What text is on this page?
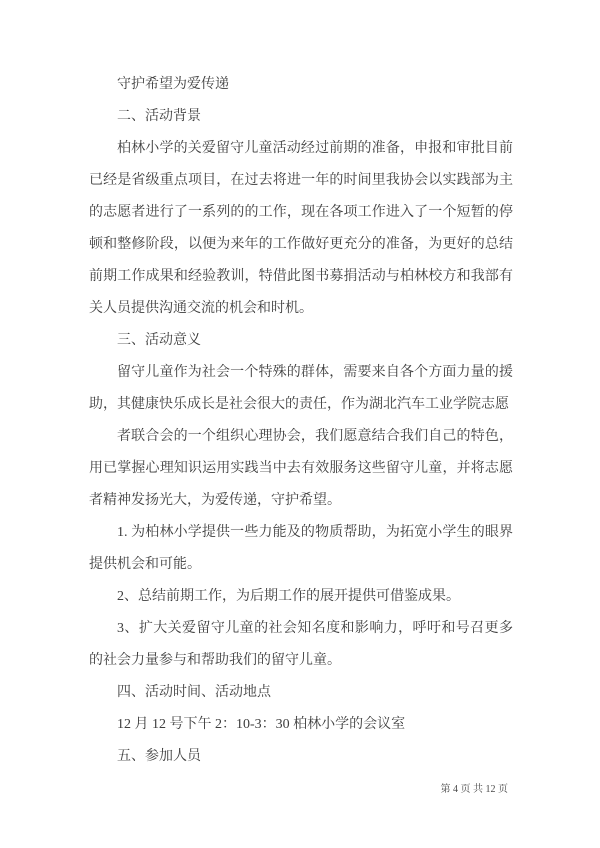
守护希望为爱传递

二、活动背景

柏林小学的关爱留守儿童活动经过前期的准备，申报和审批目前已经是省级重点项目，在过去将进一年的时间里我协会以实践部为主的志愿者进行了一系列的的工作，现在各项工作进入了一个短暂的停顿和整修阶段，以便为来年的工作做好更充分的准备，为更好的总结前期工作成果和经验教训，特借此图书募捐活动与柏林校方和我部有关人员提供沟通交流的机会和时机。

三、活动意义

留守儿童作为社会一个特殊的群体，需要来自各个方面力量的援助，其健康快乐成长是社会很大的责任，作为湖北汽车工业学院志愿

者联合会的一个组织心理协会，我们愿意结合我们自己的特色，用已掌握心理知识运用实践当中去有效服务这些留守儿童，并将志愿者精神发扬光大，为爱传递，守护希望。

1. 为柏林小学提供一些力能及的物质帮助，为拓宽小学生的眼界提供机会和可能。

2、总结前期工作，为后期工作的展开提供可借鉴成果。

3、扩大关爱留守儿童的社会知名度和影响力，呼吁和号召更多的社会力量参与和帮助我们的留守儿童。

四、活动时间、活动地点

12 月 12 号下午 2：10-3：30 柏林小学的会议室

五、参加人员

第 4 页 共 12 页
